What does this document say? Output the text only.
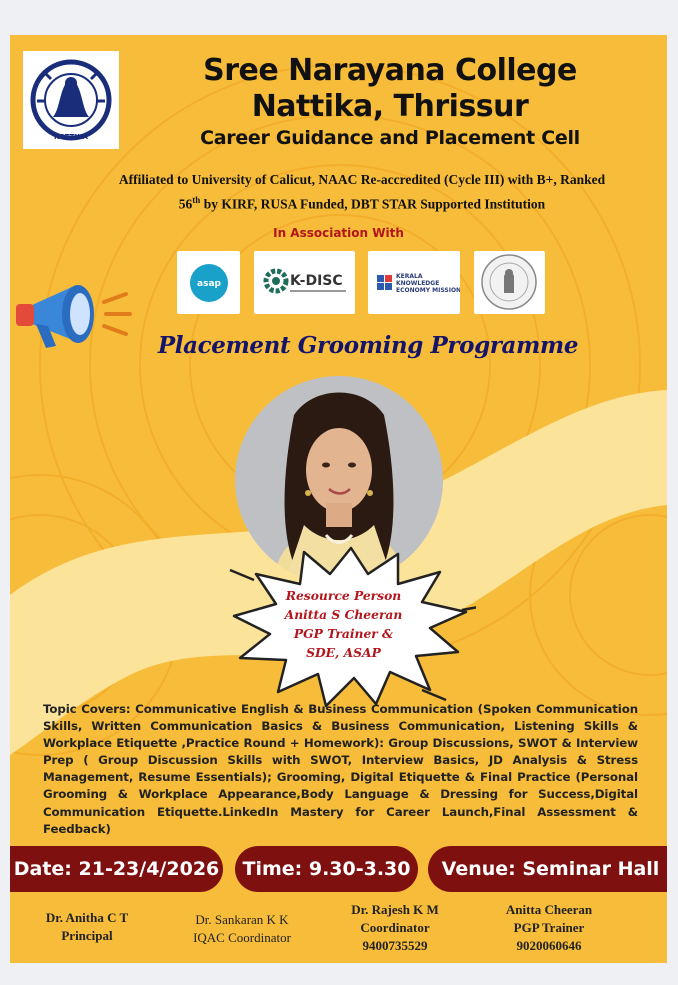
NATTIKA
Sree Narayana College
Nattika, Thrissur
Career Guidance and Placement Cell
Affiliated to University of Calicut, NAAC Re-accredited (Cycle III) with B+, Ranked
56th by KIRF, RUSA Funded, DBT STAR Supported Institution
In Association With
asap	K-DISC	KERALA
KNOWLEDGE
ECONOMY MISSION
Placement Grooming Programme
Resource Person
Anitta S Cheeran
PGP Trainer &
SDE, ASAP
Topic Covers: Communicative English & Business Communication (Spoken Communication Skills, Written Communication Basics & Business Communication, Listening Skills & Workplace Etiquette ,Practice Round + Homework): Group Discussions, SWOT & Interview Prep ( Group Discussion Skills with SWOT, Interview Basics, JD Analysis & Stress Management, Resume Essentials); Grooming, Digital Etiquette & Final Practice (Personal Grooming & Workplace Appearance,Body Language & Dressing for Success,Digital Communication Etiquette.LinkedIn Mastery for Career Launch,Final Assessment & Feedback)
Date: 21-23/4/2026	Time: 9.30-3.30	Venue: Seminar Hall
Dr. Anitha C T
Principal
Dr. Sankaran K K
IQAC Coordinator
Dr. Rajesh K M
Coordinator
9400735529
Anitta Cheeran
PGP Trainer
9020060646
